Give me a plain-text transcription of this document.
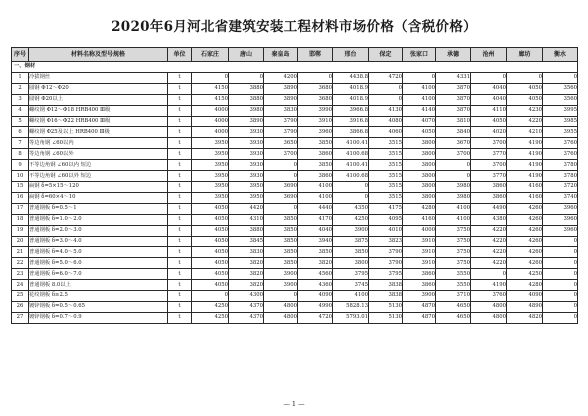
2020年6月河北省建筑安装工程材料市场价格（含税价格）
序号	材料名称及型号规格	单位	石家庄	唐山	秦皇岛	邯郸	邢台	保定	张家口	承德	沧州	廊坊	衡水
一、钢材													
1	冷拔钢丝	t	0	0	4200	0	4438.8	4720	0	4331	0	0	0
2	圆钢 Φ12～Φ20	t	4150	3880	3890	3680	4018.9	0	4100	3870	4040	4050	3560
3	圆钢 Φ20以上	t	4150	3880	3890	3680	4018.9	0	4100	3870	4040	4050	3560
4	螺纹钢 Φ12～Φ18 HRB400 Ⅲ级	t	4000	3980	3830	3990	3966.8	4130	4140	3870	4110	4230	3995
5	螺纹钢 Φ16～Φ22 HRB400 Ⅲ级	t	4000	3890	3790	3910	3916.8	4080	4070	3810	4050	4220	3985
6	螺纹钢 Φ25及以上 HRB400 Ⅲ级	t	4000	3930	3790	3960	3866.8	4060	4050	3840	4020	4210	3955
7	等边角钢 ∠60以内	t	3950	3930	3650	3850	4100.41	3515	3800	3670	3700	4190	3760
8	等边角钢 ∠60以外	t	3950	3930	3700	3860	4100.68	3515	3800	3700	3770	4190	3760
9	不等边角钢 ∠60以内 短边	t	3950	3930	0	3850	4100.41	3515	3800	0	3700	4190	3780
10	不等边角钢 ∠60以外 短边	t	3950	3930	0	3860	4100.68	3515	3800	0	3770	4190	3780
15	扁钢 δ=5×15～120	t	3950	3950	3690	4100	0	3515	3800	3980	3860	4160	3720
16	扁钢 δ=60×4～10	t	3950	3950	3690	4100	0	3515	3800	3980	3860	4160	3740
17	普通钢板 δ=0.5～1	t	4050	4420	0	4440	4350	4175	4280	4100	4490	4260	3960
18	普通钢板 δ=1.0～2.0	t	4050	4310	3850	4170	4250	4095	4160	4100	4380	4260	3960
19	普通钢板 δ=2.0～3.0	t	4050	3880	3850	4040	3900	4010	4000	3750	4220	4260	3960
20	普通钢板 δ=3.0～4.0	t	4050	3845	3850	3940	3875	3823	3910	3750	4220	4260	0
21	普通钢板 δ=4.0～5.0	t	4050	3830	3850	3850	3850	3790	3910	3750	4220	4260	0
22	普通钢板 δ=5.0～6.0	t	4050	3820	3850	3820	3800	3790	3910	3750	4220	4260	0
23	普通钢板 δ=6.0～7.0	t	4050	3820	3900	4560	3795	3795	3860	3550	0	4250	0
24	普通钢板 8.0以上	t	4050	3820	3900	4360	3745	3838	3860	3550	4190	4280	0
25	花纹钢板 δ≥2.5	t	0	4300	0	4090	4100	3838	3900	3710	3760	4090	0
26	镀锌钢板 δ=0.5～0.65	t	4250	4370	4800	4990	5828.13	5130	4870	4650	4800	4890	0
27	镀锌钢板 δ=0.7～0.9	t	4250	4370	4800	4720	5793.01	5130	4870	4650	4800	4820	0
— 1 —
